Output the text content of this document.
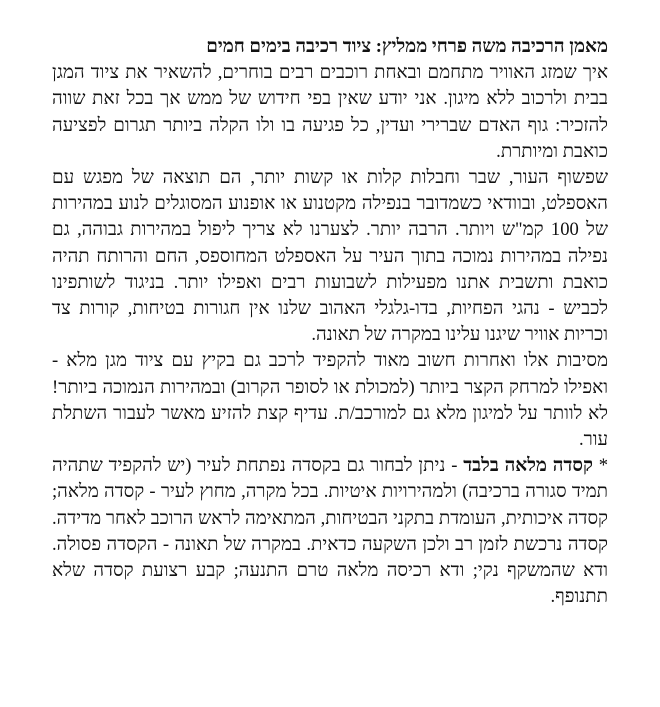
מאמן הרכיבה משה פרחי ממליץ: ציוד רכיבה בימים חמים

איך שמזג האוויר מתחמם ובאחת רוכבים רבים בוחרים, להשאיר את ציוד המגן בבית ולרכוב ללא מיגון. אני יודע שאין בפי חידוש של ממש אך בכל זאת שווה להזכיר: גוף האדם שברירי ועדין, כל פגיעה בו ולו הקלה ביותר תגרום לפציעה כואבת ומיותרת.

שפשוף העור, שבר וחבלות קלות או קשות יותר, הם תוצאה של מפגש עם האספלט, ובוודאי כשמדובר בנפילה מקטנוע או אופנוע המסוגלים לנוע במהירות של 100 קמ"ש ויותר. הרבה יותר. לצערנו לא צריך ליפול במהירות גבוהה, גם נפילה במהירות נמוכה בתוך העיר על האספלט המחוספס, החם והרותח תהיה כואבת ותשבית אתנו מפעילות לשבועות רבים ואפילו יותר. בניגוד לשותפינו לכביש - נהגי הפחיות, בדו-גלגלי האהוב שלנו אין חגורות בטיחות, קורות צד וכריות אוויר שיגנו עלינו במקרה של תאונה.

מסיבות אלו ואחרות חשוב מאוד להקפיד לרכב גם בקיץ עם ציוד מגן מלא - ואפילו למרחק הקצר ביותר (למכולת או לסופר הקרוב) ובמהירות הנמוכה ביותר! לא לוותר על למיגון מלא גם למורכב/ת. עדיף קצת להזיע מאשר לעבור השתלת עור.

* קסדה מלאה בלבד - ניתן לבחור גם בקסדה נפתחת לעיר (יש להקפיד שתהיה תמיד סגורה ברכיבה) ולמהירויות איטיות. בכל מקרה, מחוץ לעיר - קסדה מלאה; קסדה איכותית, העומדת בתקני הבטיחות, המתאימה לראש הרוכב לאחר מדידה. קסדה נרכשת לזמן רב ולכן השקעה כדאית. במקרה של תאונה - הקסדה פסולה. ודא שהמשקף נקי; ודא רכיסה מלאה טרם התנעה; קבע רצועת קסדה שלא תתנופף.
